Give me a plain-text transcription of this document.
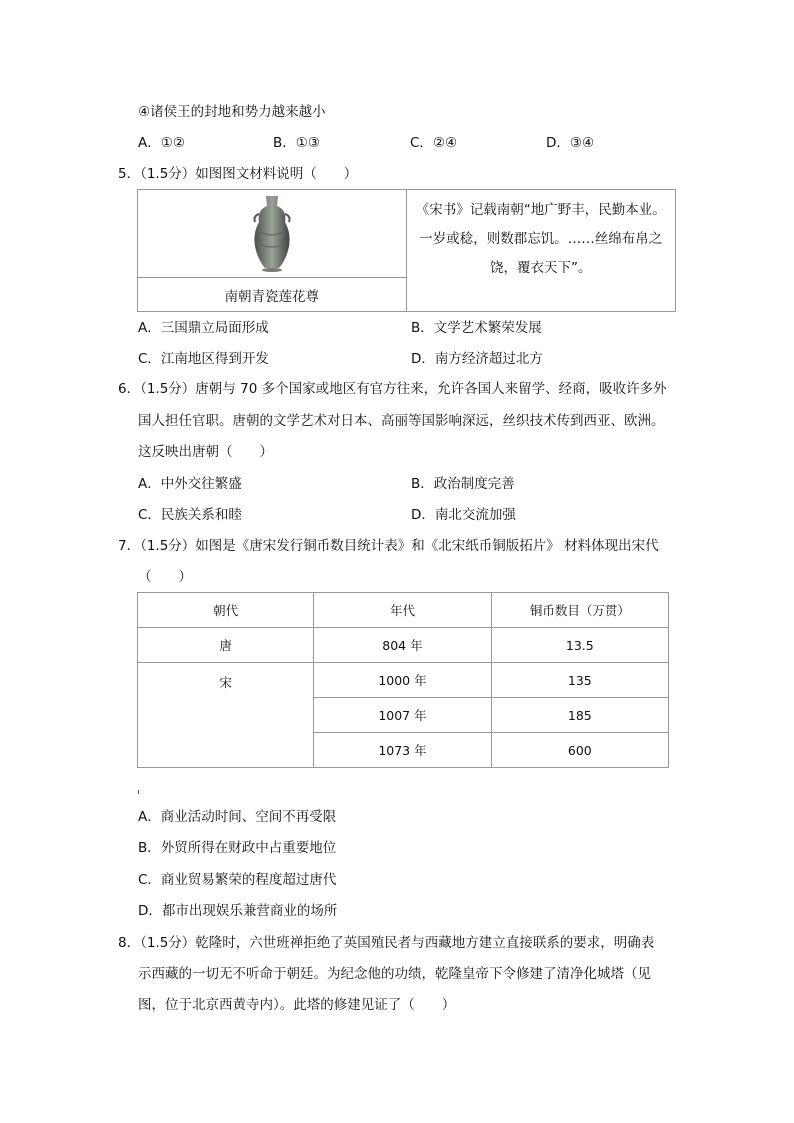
④诸侯王的封地和势力越来越小
A．①②	B．①③	C．②④	D．③④
5．（1.5分）如图图文材料说明（　　）

《宋书》记载南朝“地广野丰，民勤本业。
一岁或稔，则数郡忘饥。……丝绵布帛之
饶，覆衣天下”。

南朝青瓷莲花尊
A．三国鼎立局面形成	B．文学艺术繁荣发展
C．江南地区得到开发	D．南方经济超过北方
6．（1.5分）唐朝与 70 多个国家或地区有官方往来，允许各国人来留学、经商，吸收许多外
国人担任官职。唐朝的文学艺术对日本、高丽等国影响深远，丝织技术传到西亚、欧洲。
这反映出唐朝（　　）
A．中外交往繁盛	B．政治制度完善
C．民族关系和睦	D．南北交流加强
7．（1.5分）如图是《唐宋发行铜币数目统计表》和《北宋纸币铜版拓片》 材料体现出宋代
（　　）
朝代	年代	铜币数目（万贯）
唐	804 年	13.5
宋	1000 年	135
	1007 年	185
	1073 年	600
A．商业活动时间、空间不再受限
B．外贸所得在财政中占重要地位
C．商业贸易繁荣的程度超过唐代
D．都市出现娱乐兼营商业的场所
8．（1.5分）乾隆时，六世班禅拒绝了英国殖民者与西藏地方建立直接联系的要求，明确表
示西藏的一切无不听命于朝廷。为纪念他的功绩，乾隆皇帝下令修建了清净化城塔（见
图，位于北京西黄寺内）。此塔的修建见证了（　　）
